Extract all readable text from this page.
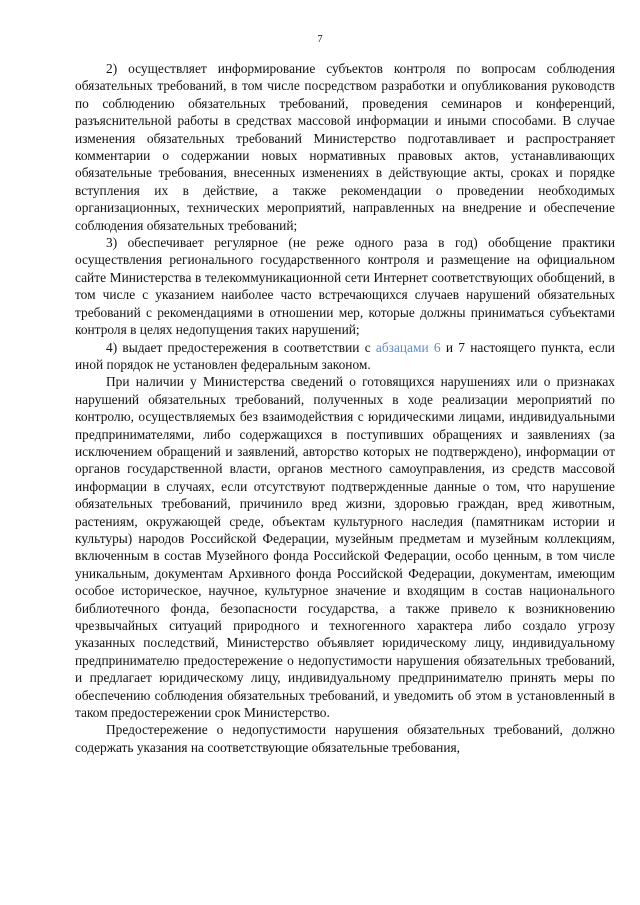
7

2) осуществляет информирование субъектов контроля по вопросам соблюдения обязательных требований, в том числе посредством разработки и опубликования руководств по соблюдению обязательных требований, проведения семинаров и конференций, разъяснительной работы в средствах массовой информации и иными способами. В случае изменения обязательных требований Министерство подготавливает и распространяет комментарии о содержании новых нормативных правовых актов, устанавливающих обязательные требования, внесенных изменениях в действующие акты, сроках и порядке вступления их в действие, а также рекомендации о проведении необходимых организационных, технических мероприятий, направленных на внедрение и обеспечение соблюдения обязательных требований;

3) обеспечивает регулярное (не реже одного раза в год) обобщение практики осуществления регионального государственного контроля и размещение на официальном сайте Министерства в телекоммуникационной сети Интернет соответствующих обобщений, в том числе с указанием наиболее часто встречающихся случаев нарушений обязательных требований с рекомендациями в отношении мер, которые должны приниматься субъектами контроля в целях недопущения таких нарушений;

4) выдает предостережения в соответствии с абзацами 6 и 7 настоящего пункта, если иной порядок не установлен федеральным законом.

При наличии у Министерства сведений о готовящихся нарушениях или о признаках нарушений обязательных требований, полученных в ходе реализации мероприятий по контролю, осуществляемых без взаимодействия с юридическими лицами, индивидуальными предпринимателями, либо содержащихся в поступивших обращениях и заявлениях (за исключением обращений и заявлений, авторство которых не подтверждено), информации от органов государственной власти, органов местного самоуправления, из средств массовой информации в случаях, если отсутствуют подтвержденные данные о том, что нарушение обязательных требований, причинило вред жизни, здоровью граждан, вред животным, растениям, окружающей среде, объектам культурного наследия (памятникам истории и культуры) народов Российской Федерации, музейным предметам и музейным коллекциям, включенным в состав Музейного фонда Российской Федерации, особо ценным, в том числе уникальным, документам Архивного фонда Российской Федерации, документам, имеющим особое историческое, научное, культурное значение и входящим в состав национального библиотечного фонда, безопасности государства, а также привело к возникновению чрезвычайных ситуаций природного и техногенного характера либо создало угрозу указанных последствий, Министерство объявляет юридическому лицу, индивидуальному предпринимателю предостережение о недопустимости нарушения обязательных требований, и предлагает юридическому лицу, индивидуальному предпринимателю принять меры по обеспечению соблюдения обязательных требований, и уведомить об этом в установленный в таком предостережении срок Министерство.

Предостережение о недопустимости нарушения обязательных требований, должно содержать указания на соответствующие обязательные требования,
